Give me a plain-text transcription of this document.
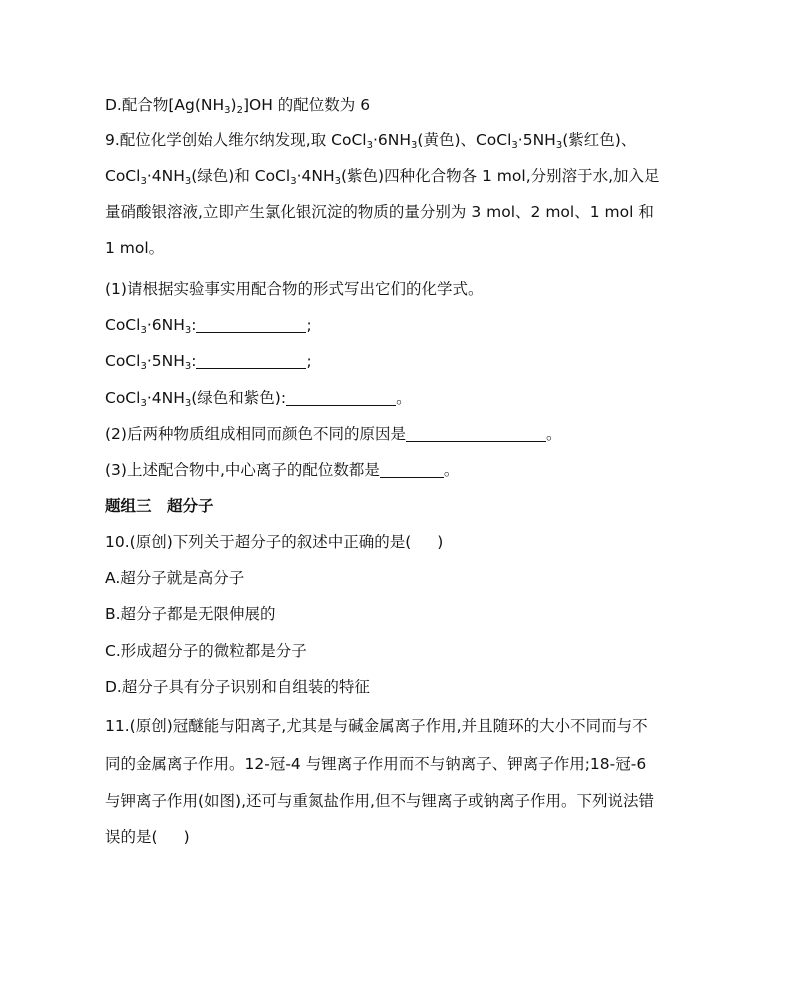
D.配合物$[Ag(NH_3)_2]OH$ 的配位数为 6
9.配位化学创始人维尔纳发现,取 $CoCl_3\cdot 6NH_3$(黄色)、$CoCl_3\cdot 5NH_3$(紫红色)、
$CoCl_3\cdot 4NH_3$(绿色)和 $CoCl_3\cdot 4NH_3$(紫色)四种化合物各 1 mol,分别溶于水,加入足
量硝酸银溶液,立即产生氯化银沉淀的物质的量分别为 3 mol、2 mol、1 mol 和
1 mol。
(1)请根据实验事实用配合物的形式写出它们的化学式。
$CoCl_3\cdot 6NH_3$:	;
$CoCl_3\cdot 5NH_3$:	;
$CoCl_3\cdot 4NH_3$(绿色和紫色):	。
(2)后两种物质组成相同而颜色不同的原因是	。
(3)上述配合物中,中心离子的配位数都是	。
题组三　超分子
10.(原创)下列关于超分子的叙述中正确的是( )
A.超分子就是高分子
B.超分子都是无限伸展的
C.形成超分子的微粒都是分子
D.超分子具有分子识别和自组装的特征
11.(原创)冠醚能与阳离子,尤其是与碱金属离子作用,并且随环的大小不同而与不
同的金属离子作用。12-冠-4 与锂离子作用而不与钠离子、钾离子作用;18-冠-6
与钾离子作用(如图),还可与重氮盐作用,但不与锂离子或钠离子作用。下列说法错
误的是( )
